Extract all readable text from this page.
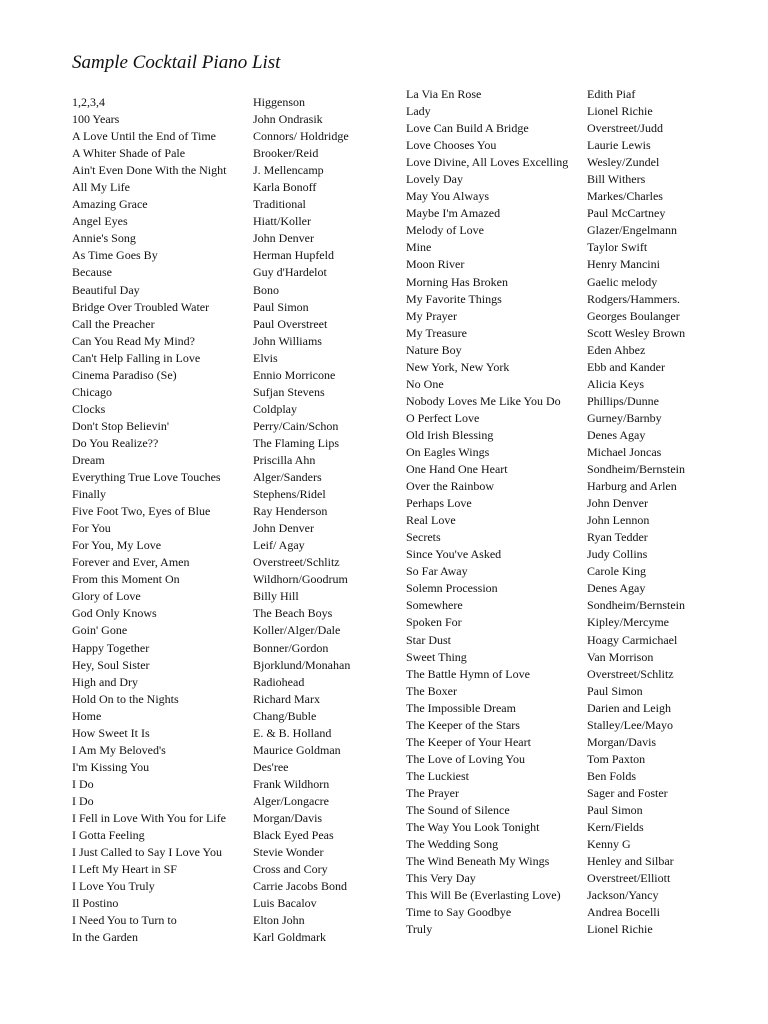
Sample Cocktail Piano List
1,2,3,4
100 Years
A Love Until the End of Time
A Whiter Shade of Pale
Ain't Even Done With the Night
All My Life
Amazing Grace
Angel Eyes
Annie's Song
As Time Goes By
Because
Beautiful Day
Bridge Over Troubled Water
Call the Preacher
Can You Read My Mind?
Can't Help Falling in Love
Cinema Paradiso (Se)
Chicago
Clocks
Don't Stop Believin'
Do You Realize??
Dream
Everything True Love Touches
Finally
Five Foot Two, Eyes of Blue
For You
For You, My Love
Forever and Ever, Amen
From this Moment On
Glory of Love
God Only Knows
Goin' Gone
Happy Together
Hey, Soul Sister
High and Dry
Hold On to the Nights
Home
How Sweet It Is
I Am My Beloved's
I'm Kissing You
I Do
I Do
I Fell in Love With You for Life
I Gotta Feeling
I Just Called to Say I Love You
I Left My Heart in SF
I Love You Truly
Il Postino
I Need You to Turn to
In the Garden
Higgenson
John Ondrasik
Connors/ Holdridge
Brooker/Reid
J. Mellencamp
Karla Bonoff
Traditional
Hiatt/Koller
John Denver
Herman Hupfeld
Guy d'Hardelot
Bono
Paul Simon
Paul Overstreet
John Williams
Elvis
Ennio Morricone
Sufjan Stevens
Coldplay
Perry/Cain/Schon
The Flaming Lips
Priscilla Ahn
Alger/Sanders
Stephens/Ridel
Ray Henderson
John Denver
Leif/ Agay
Overstreet/Schlitz
Wildhorn/Goodrum
Billy Hill
The Beach Boys
Koller/Alger/Dale
Bonner/Gordon
Bjorklund/Monahan
Radiohead
Richard Marx
Chang/Buble
E. & B. Holland
Maurice Goldman
Des'ree
Frank Wildhorn
Alger/Longacre
Morgan/Davis
Black Eyed Peas
Stevie Wonder
Cross and Cory
Carrie Jacobs Bond
Luis Bacalov
Elton John
Karl Goldmark
La Via En Rose
Lady
Love Can Build A Bridge
Love Chooses You
Love Divine, All Loves Excelling
Lovely Day
May You Always
Maybe I'm Amazed
Melody of Love
Mine
Moon River
Morning Has Broken
My Favorite Things
My Prayer
My Treasure
Nature Boy
New York, New York
No One
Nobody Loves Me Like You Do
O Perfect Love
Old Irish Blessing
On Eagles Wings
One Hand One Heart
Over the Rainbow
Perhaps Love
Real Love
Secrets
Since You've Asked
So Far Away
Solemn Procession
Somewhere
Spoken For
Star Dust
Sweet Thing
The Battle Hymn of Love
The Boxer
The Impossible Dream
The Keeper of the Stars
The Keeper of Your Heart
The Love of Loving You
The Luckiest
The Prayer
The Sound of Silence
The Way You Look Tonight
The Wedding Song
The Wind Beneath My Wings
This Very Day
This Will Be (Everlasting Love)
Time to Say Goodbye
Truly
Edith Piaf
Lionel Richie
Overstreet/Judd
Laurie Lewis
Wesley/Zundel
Bill Withers
Markes/Charles
Paul McCartney
Glazer/Engelmann
Taylor Swift
Henry Mancini
Gaelic melody
Rodgers/Hammers.
Georges Boulanger
Scott Wesley Brown
Eden Ahbez
Ebb and Kander
Alicia Keys
Phillips/Dunne
Gurney/Barnby
Denes Agay
Michael Joncas
Sondheim/Bernstein
Harburg and Arlen
John Denver
John Lennon
Ryan Tedder
Judy Collins
Carole King
Denes Agay
Sondheim/Bernstein
Kipley/Mercyme
Hoagy Carmichael
Van Morrison
Overstreet/Schlitz
Paul Simon
Darien and Leigh
Stalley/Lee/Mayo
Morgan/Davis
Tom Paxton
Ben Folds
Sager and Foster
Paul Simon
Kern/Fields
Kenny G
Henley and Silbar
Overstreet/Elliott
Jackson/Yancy
Andrea Bocelli
Lionel Richie
